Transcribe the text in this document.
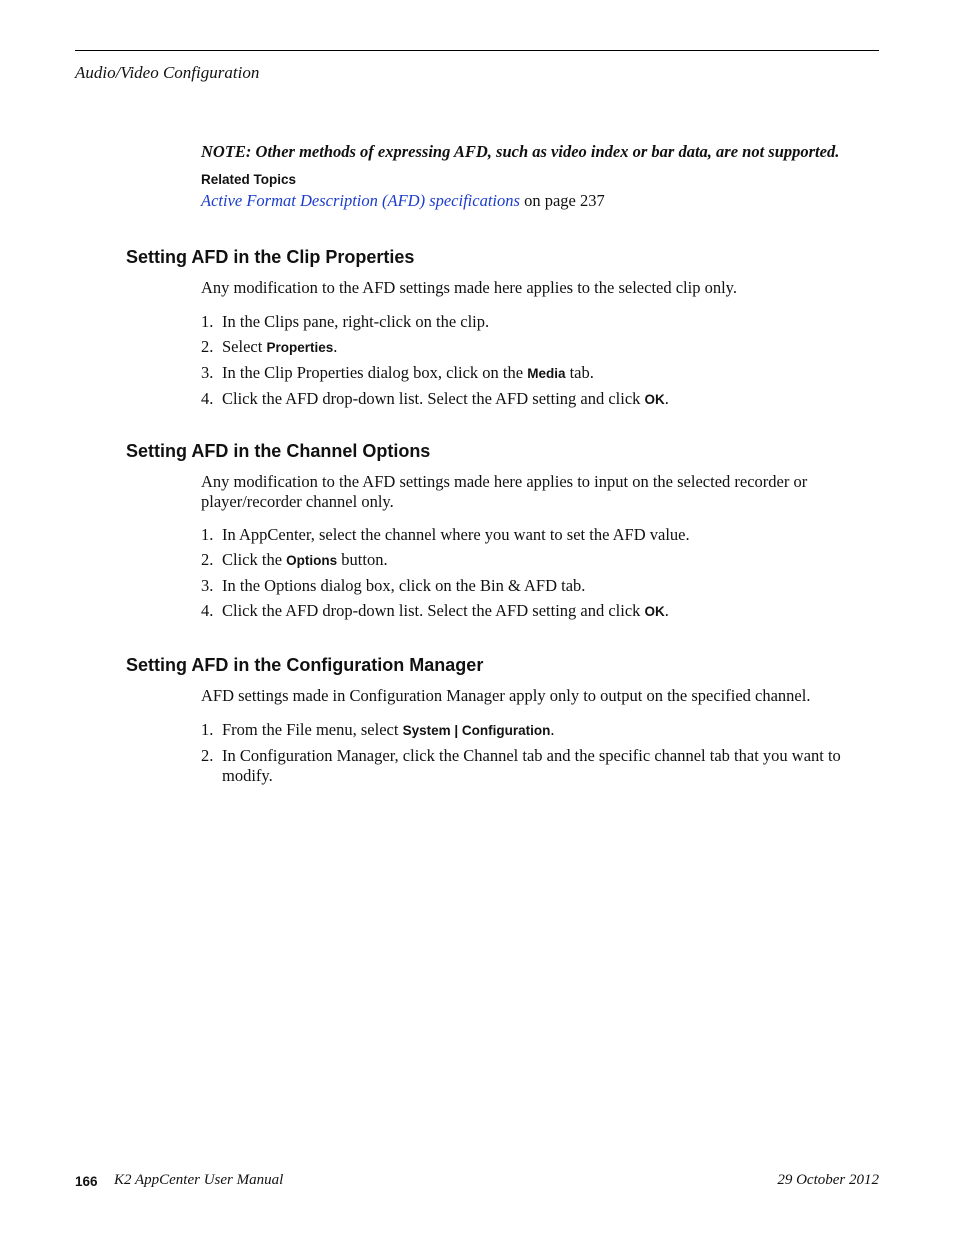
Audio/Video Configuration
NOTE: Other methods of expressing AFD, such as video index or bar data, are not supported.
Related Topics
Active Format Description (AFD) specifications on page 237
Setting AFD in the Clip Properties

Any modification to the AFD settings made here applies to the selected clip only.

1. In the Clips pane, right-click on the clip.
2. Select Properties.
3. In the Clip Properties dialog box, click on the Media tab.
4. Click the AFD drop-down list. Select the AFD setting and click OK.
Setting AFD in the Channel Options

Any modification to the AFD settings made here applies to input on the selected recorder or player/recorder channel only.

1. In AppCenter, select the channel where you want to set the AFD value.
2. Click the Options button.
3. In the Options dialog box, click on the Bin & AFD tab.
4. Click the AFD drop-down list. Select the AFD setting and click OK.
Setting AFD in the Configuration Manager

AFD settings made in Configuration Manager apply only to output on the specified channel.

1. From the File menu, select System | Configuration.
2. In Configuration Manager, click the Channel tab and the specific channel tab that you want to modify.
166 K2 AppCenter User Manual	29 October 2012
